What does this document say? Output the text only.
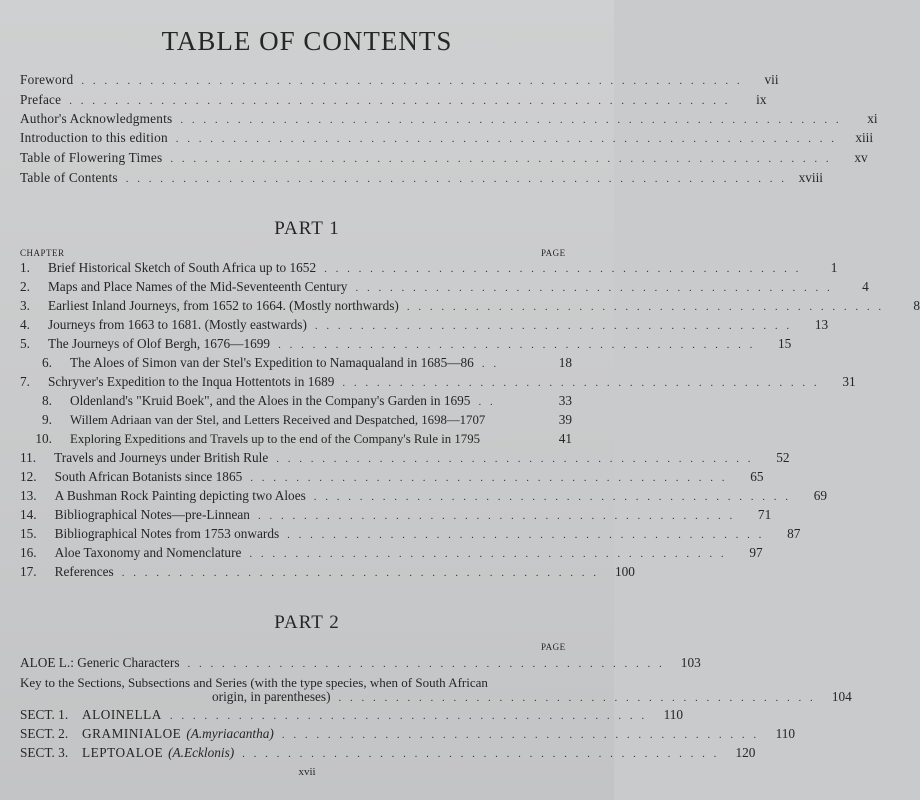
TABLE OF CONTENTS
Foreword . . . . . . . . . . . . . . . . . . . . . . . . . . . . . . . . . . . . . . . . . . . . . . . . . . . . . . . . . .	vii
Preface . . . . . . . . . . . . . . . . . . . . . . . . . . . . . . . . . . . . . . . . . . . . . . . . . . . . . . . . . .	ix
Author's Acknowledgments . . . . . . . . . . . . . . . . . . . . . . . . . . . . . . . . . . . . . . . . . . . . . . . . . . . . . . . . . .	xi
Introduction to this edition . . . . . . . . . . . . . . . . . . . . . . . . . . . . . . . . . . . . . . . . . . . . . . . . . . . . . . . . . .	xiii
Table of Flowering Times . . . . . . . . . . . . . . . . . . . . . . . . . . . . . . . . . . . . . . . . . . . . . . . . . . . . . . . . . .	xv
Table of Contents . . . . . . . . . . . . . . . . . . . . . . . . . . . . . . . . . . . . . . . . . . . . . . . . . . . . . . . . . . xviii
PART 1
CHAPTER	PAGE
1.	Brief Historical Sketch of South Africa up to 1652 . . . . . . . . . . . . . . . . . . . . . . . . . . . . . . . . . . . . . . . . . .	1
2.	Maps and Place Names of the Mid-Seventeenth Century . . . . . . . . . . . . . . . . . . . . . . . . . . . . . . . . . . . . . . . . . .	4
3.	Earliest Inland Journeys, from 1652 to 1664. (Mostly northwards) . . . . . . . . . . . . . . . . . . . . . . . . . . . . . . . . . . . . . . . . . .	8
4.	Journeys from 1663 to 1681. (Mostly eastwards) . . . . . . . . . . . . . . . . . . . . . . . . . . . . . . . . . . . . . . . . . .	13
5.	The Journeys of Olof Bergh, 1676—1699 . . . . . . . . . . . . . . . . . . . . . . . . . . . . . . . . . . . . . . . . . .	15
6.	The Aloes of Simon van der Stel's Expedition to Namaqualand in 1685—86 . .	18
7.	Schryver's Expedition to the Inqua Hottentots in 1689 . . . . . . . . . . . . . . . . . . . . . . . . . . . . . . . . . . . . . . . . . .	31
8.	Oldenland's "Kruid Boek", and the Aloes in the Company's Garden in 1695 . .	33
9.	Willem Adriaan van der Stel, and Letters Received and Despatched, 1698—1707	39
10.	Exploring Expeditions and Travels up to the end of the Company's Rule in 1795	41
11.	Travels and Journeys under British Rule . . . . . . . . . . . . . . . . . . . . . . . . . . . . . . . . . . . . . . . . . .	52
12.	South African Botanists since 1865 . . . . . . . . . . . . . . . . . . . . . . . . . . . . . . . . . . . . . . . . . .	65
13.	A Bushman Rock Painting depicting two Aloes . . . . . . . . . . . . . . . . . . . . . . . . . . . . . . . . . . . . . . . . . .	69
14.	Bibliographical Notes—pre-Linnean . . . . . . . . . . . . . . . . . . . . . . . . . . . . . . . . . . . . . . . . . .	71
15.	Bibliographical Notes from 1753 onwards . . . . . . . . . . . . . . . . . . . . . . . . . . . . . . . . . . . . . . . . . .	87
16.	Aloe Taxonomy and Nomenclature . . . . . . . . . . . . . . . . . . . . . . . . . . . . . . . . . . . . . . . . . .	97
17.	References . . . . . . . . . . . . . . . . . . . . . . . . . . . . . . . . . . . . . . . . . .	100
PART 2
PAGE
ALOE L.: Generic Characters . . . . . . . . . . . . . . . . . . . . . . . . . . . . . . . . . . . . . . . . . .	103
Key to the Sections, Subsections and Series (with the type species, when of South African
origin, in parentheses) . . . . . . . . . . . . . . . . . . . . . . . . . . . . . . . . . . . . . . . . . .	104
SECT. 1.	ALOINELLA . . . . . . . . . . . . . . . . . . . . . . . . . . . . . . . . . . . . . . . . . .	110
SECT. 2.	GRAMINIALOE (A.myriacantha) . . . . . . . . . . . . . . . . . . . . . . . . . . . . . . . . . . . . . . . . . .	110
SECT. 3.	LEPTOALOE (A.Ecklonis) . . . . . . . . . . . . . . . . . . . . . . . . . . . . . . . . . . . . . . . . . .	120
xvii
